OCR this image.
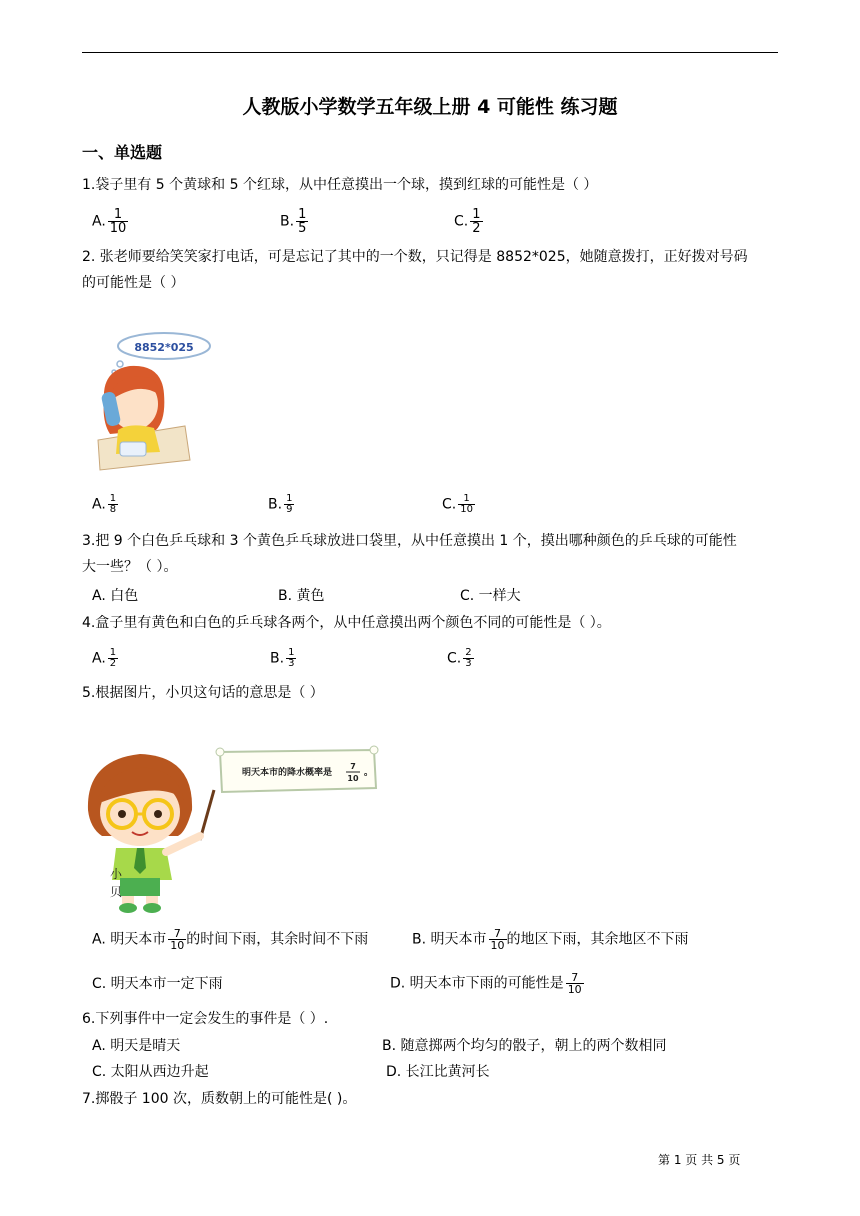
人教版小学数学五年级上册 4 可能性 练习题
一、单选题
1.袋子里有 5 个黄球和 5 个红球，从中任意摸出一个球，摸到红球的可能性是（ ）
A. $\frac{1}{10}$	B. $\frac{1}{5}$	C. $\frac{1}{2}$
2. 张老师要给笑笑家打电话，可是忘记了其中的一个数，只记得是 8852*025，她随意拨打，正好拨对号码
的可能性是（ ）
8852*025
A. $\frac{1}{8}$	B. $\frac{1}{9}$	C. $\frac{1}{10}$
3.把 9 个白色乒乓球和 3 个黄色乒乓球放进口袋里，从中任意摸出 1 个，摸出哪种颜色的乒乓球的可能性
大一些？（ ）。
A. 白色	B. 黄色	C. 一样大
4.盒子里有黄色和白色的乒乓球各两个，从中任意摸出两个颜色不同的可能性是（ ）。
A. $\frac{1}{2}$	B. $\frac{1}{3}$	C. $\frac{2}{3}$
5.根据图片，小贝这句话的意思是（ ）
明天本市的降水概率是
7
10
。
小
贝
A. 明天本市 $\frac{7}{10}$ 的时间下雨，其余时间不下雨	B. 明天本市 $\frac{7}{10}$ 的地区下雨，其余地区不下雨
C. 明天本市一定下雨	D. 明天本市下雨的可能性是 $\frac{7}{10}$
6.下列事件中一定会发生的事件是（ ）.
A. 明天是晴天	B. 随意掷两个均匀的骰子，朝上的两个数相同
C. 太阳从西边升起	D. 长江比黄河长
7.掷骰子 100 次，质数朝上的可能性是( )。
第 1 页 共 5 页
